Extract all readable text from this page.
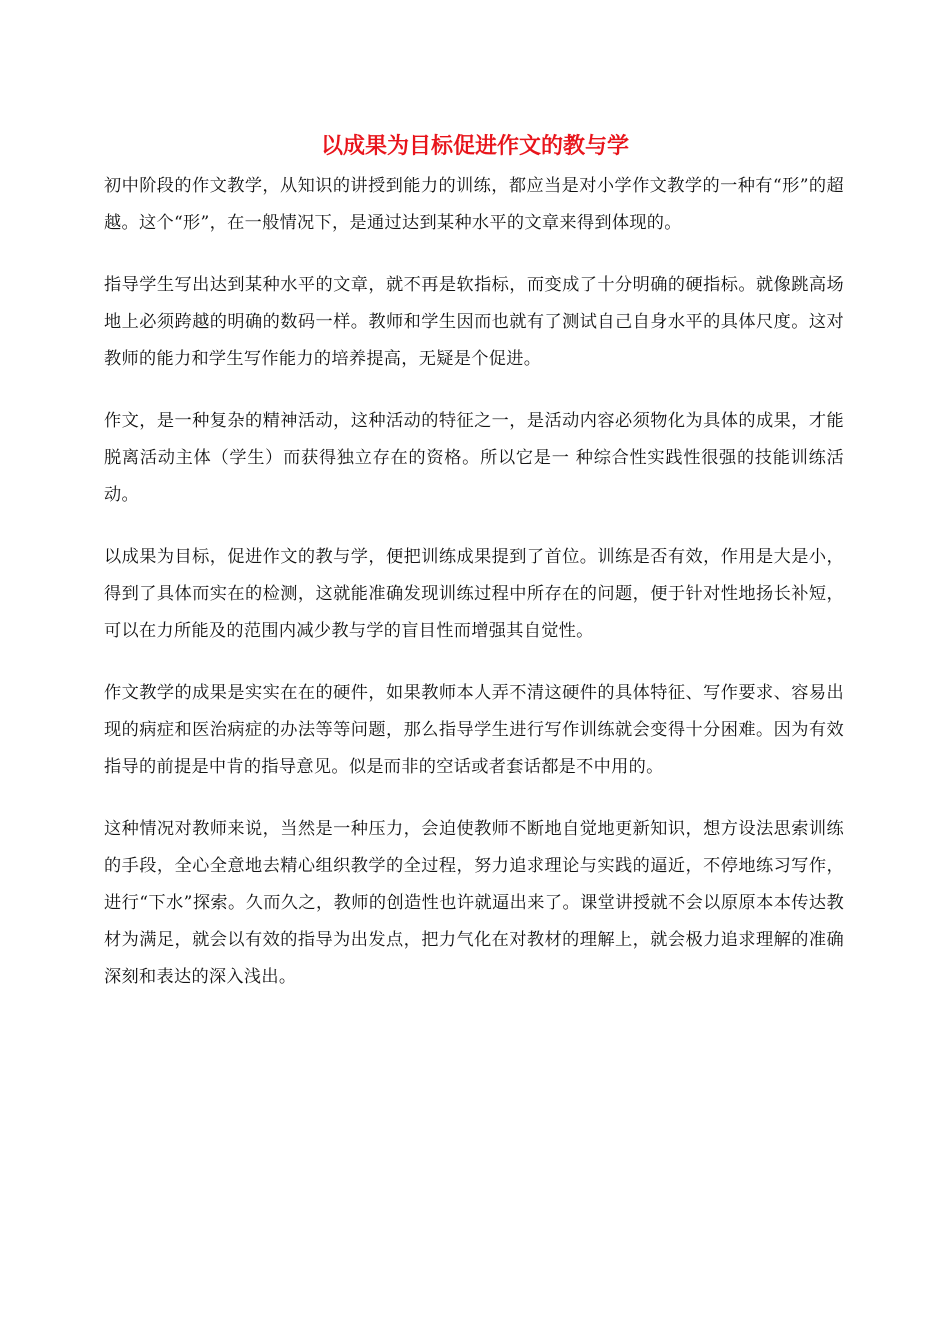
以成果为目标促进作文的教与学

初中阶段的作文教学，从知识的讲授到能力的训练，都应当是对小学作文教学的一种有“形”的超越。这个“形”，在一般情况下，是通过达到某种水平的文章来得到体现的。

指导学生写出达到某种水平的文章，就不再是软指标，而变成了十分明确的硬指标。就像跳高场地上必须跨越的明确的数码一样。教师和学生因而也就有了测试自己自身水平的具体尺度。这对教师的能力和学生写作能力的培养提高，无疑是个促进。

作文，是一种复杂的精神活动，这种活动的特征之一，是活动内容必须物化为具体的成果，才能脱离活动主体（学生）而获得独立存在的资格。所以它是一 种综合性实践性很强的技能训练活动。

以成果为目标，促进作文的教与学，便把训练成果提到了首位。训练是否有效，作用是大是小，得到了具体而实在的检测，这就能准确发现训练过程中所存在的问题，便于针对性地扬长补短，可以在力所能及的范围内减少教与学的盲目性而增强其自觉性。

作文教学的成果是实实在在的硬件，如果教师本人弄不清这硬件的具体特征、写作要求、容易出现的病症和医治病症的办法等等问题，那么指导学生进行写作训练就会变得十分困难。因为有效指导的前提是中肯的指导意见。似是而非的空话或者套话都是不中用的。

这种情况对教师来说，当然是一种压力，会迫使教师不断地自觉地更新知识，想方设法思索训练的手段，全心全意地去精心组织教学的全过程，努力追求理论与实践的逼近，不停地练习写作，进行“下水”探索。久而久之，教师的创造性也许就逼出来了。课堂讲授就不会以原原本本传达教材为满足，就会以有效的指导为出发点，把力气化在对教材的理解上，就会极力追求理解的准确深刻和表达的深入浅出。
